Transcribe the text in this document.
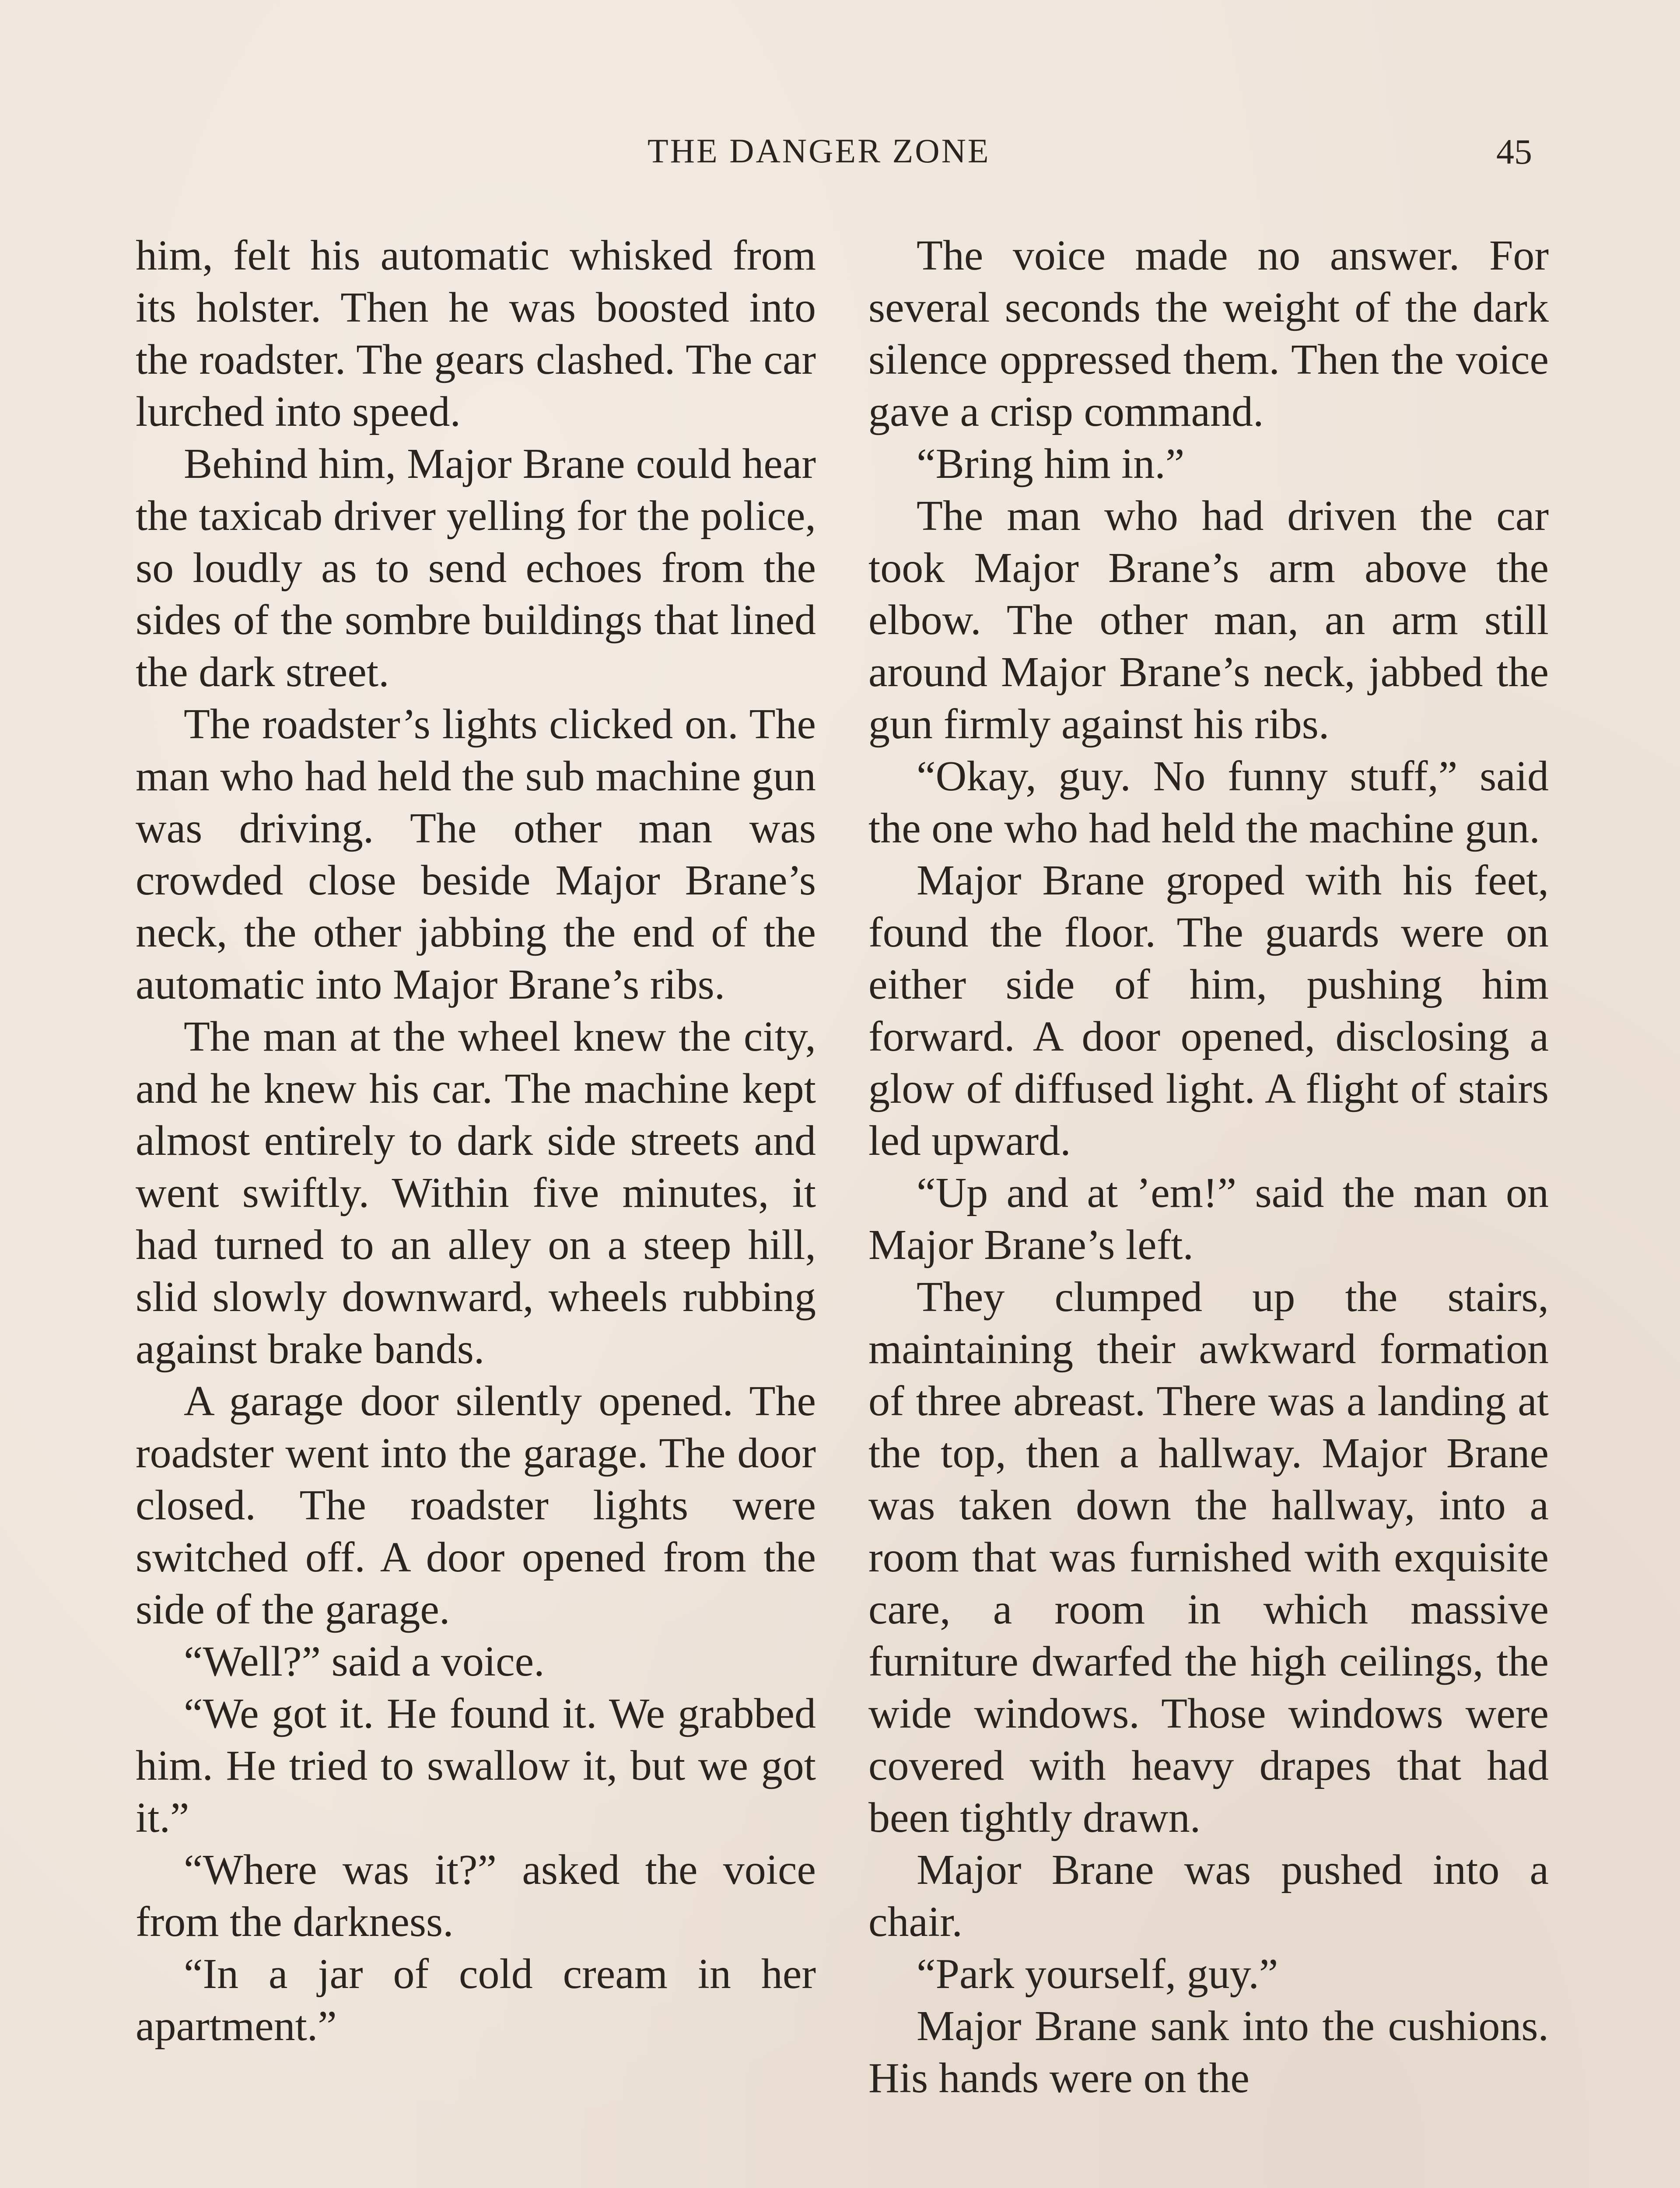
THE DANGER ZONE	45

him, felt his automatic whisked from its holster. Then he was boosted into the roadster. The gears clashed. The car lurched into speed.

Behind him, Major Brane could hear the taxicab driver yelling for the police, so loudly as to send echoes from the sides of the sombre buildings that lined the dark street.

The roadster’s lights clicked on. The man who had held the sub machine gun was driving. The other man was crowded close beside Major Brane’s neck, the other jabbing the end of the automatic into Major Brane’s ribs.

The man at the wheel knew the city, and he knew his car. The machine kept almost entirely to dark side streets and went swiftly. Within five minutes, it had turned to an alley on a steep hill, slid slowly downward, wheels rubbing against brake bands.

A garage door silently opened. The roadster went into the garage. The door closed. The roadster lights were switched off. A door opened from the side of the garage.

“Well?” said a voice.

“We got it. He found it. We grabbed him. He tried to swallow it, but we got it.”

“Where was it?” asked the voice from the darkness.

“In a jar of cold cream in her apartment.”

The voice made no answer. For several seconds the weight of the dark silence oppressed them. Then the voice gave a crisp command.

“Bring him in.”

The man who had driven the car took Major Brane’s arm above the elbow. The other man, an arm still around Major Brane’s neck, jabbed the gun firmly against his ribs.

“Okay, guy. No funny stuff,” said the one who had held the machine gun.

Major Brane groped with his feet, found the floor. The guards were on either side of him, pushing him forward. A door opened, disclosing a glow of diffused light. A flight of stairs led upward.

“Up and at ’em!” said the man on Major Brane’s left.

They clumped up the stairs, maintaining their awkward formation of three abreast. There was a landing at the top, then a hallway. Major Brane was taken down the hallway, into a room that was furnished with exquisite care, a room in which massive furniture dwarfed the high ceilings, the wide windows. Those windows were covered with heavy drapes that had been tightly drawn.

Major Brane was pushed into a chair.

“Park yourself, guy.”

Major Brane sank into the cushions. His hands were on the
